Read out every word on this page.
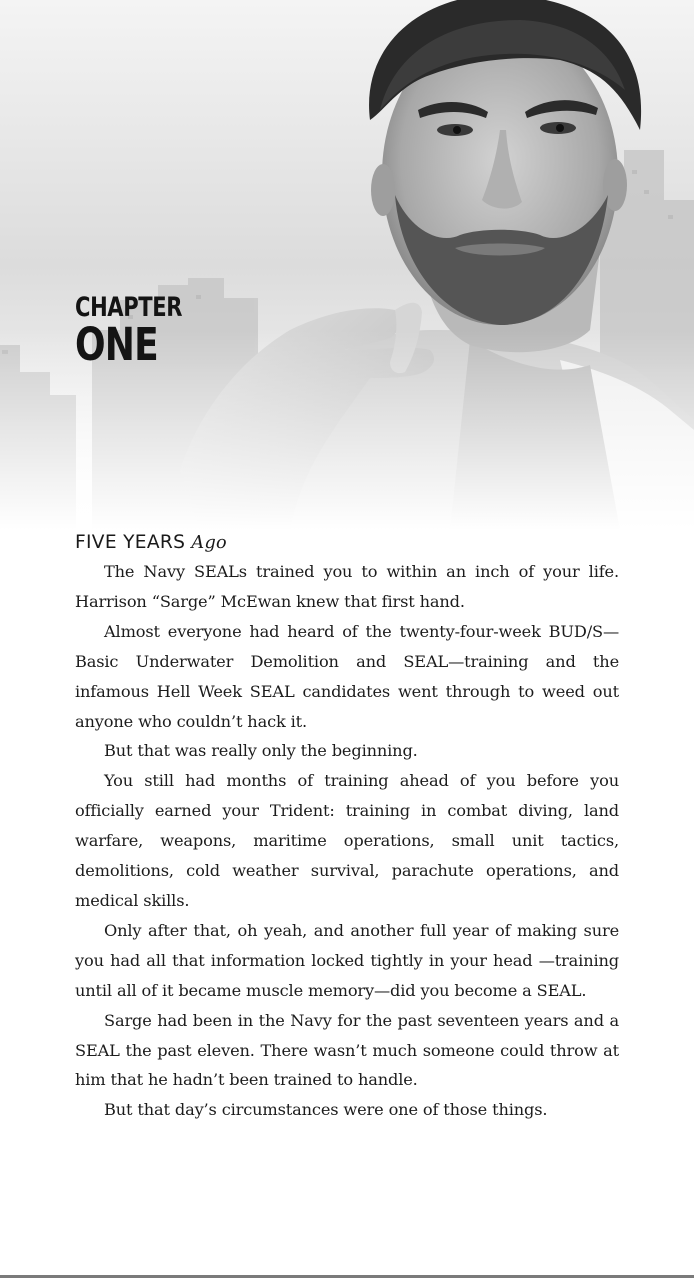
CHAPTER
ONE
FIVE YEARS Ago

The Navy SEALs trained you to within an inch of your life. Harrison “Sarge” McEwan knew that first hand.

Almost everyone had heard of the twenty-four-week BUD/S—Basic Underwater Demolition and SEAL—training and the infamous Hell Week SEAL candidates went through to weed out anyone who couldn’t hack it.

But that was really only the beginning.

You still had months of training ahead of you before you officially earned your Trident: training in combat diving, land warfare, weapons, maritime operations, small unit tactics, demolitions, cold weather survival, parachute operations, and medical skills.

Only after that, oh yeah, and another full year of making sure you had all that information locked tightly in your head —training until all of it became muscle memory—did you become a SEAL.

Sarge had been in the Navy for the past seventeen years and a SEAL the past eleven. There wasn’t much someone could throw at him that he hadn’t been trained to handle.

But that day’s circumstances were one of those things.
